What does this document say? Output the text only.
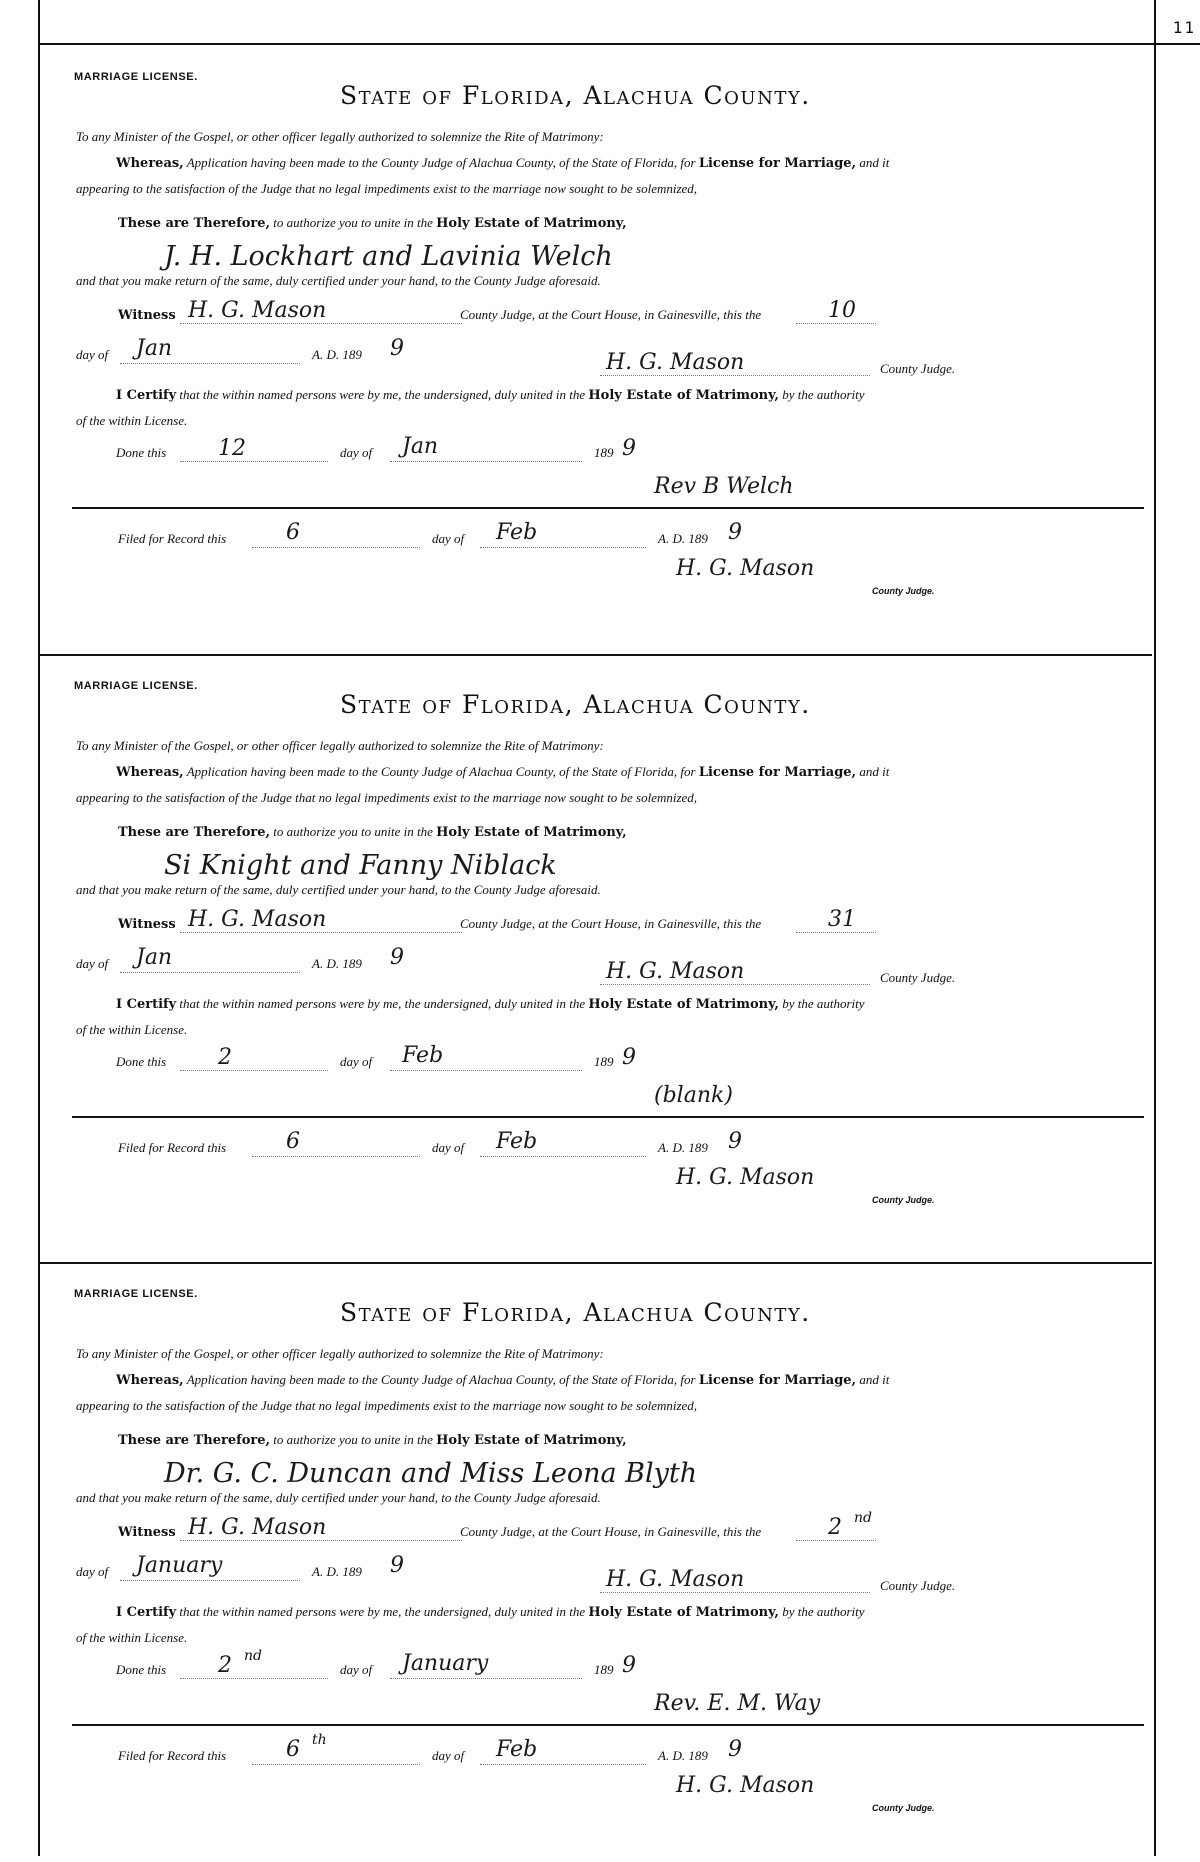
11
MARRIAGE LICENSE.
State of Florida, Alachua County.
To any Minister of the Gospel, or other officer legally authorized to solemnize the Rite of Matrimony:
Whereas, Application having been made to the County Judge of Alachua County, of the State of Florida, for License for Marriage, and it
appearing to the satisfaction of the Judge that no legal impediments exist to the marriage now sought to be solemnized,
These are Therefore, to authorize you to unite in the Holy Estate of Matrimony,
J. H. Lockhart and Lavinia Welch
and that you make return of the same, duly certified under your hand, to the County Judge aforesaid.
Witness H. G. Mason	County Judge, at the Court House, in Gainesville, this the	10
day of Jan	A. D. 189 9
H. G. Mason	County Judge.
I Certify that the within named persons were by me, the undersigned, duly united in the Holy Estate of Matrimony, by the authority
of the within License.
Done this 12	day of Jan	189 9
Rev B Welch
Filed for Record this	6	day of Feb	A. D. 189 9
H. G. Mason
County Judge.
MARRIAGE LICENSE.
State of Florida, Alachua County.
To any Minister of the Gospel, or other officer legally authorized to solemnize the Rite of Matrimony:
Whereas, Application having been made to the County Judge of Alachua County, of the State of Florida, for License for Marriage, and it
appearing to the satisfaction of the Judge that no legal impediments exist to the marriage now sought to be solemnized,
These are Therefore, to authorize you to unite in the Holy Estate of Matrimony,
Si Knight and Fanny Niblack
and that you make return of the same, duly certified under your hand, to the County Judge aforesaid.
Witness H. G. Mason	County Judge, at the Court House, in Gainesville, this the	31
day of Jan	A. D. 189 9
H. G. Mason	County Judge.
I Certify that the within named persons were by me, the undersigned, duly united in the Holy Estate of Matrimony, by the authority
of the within License.
Done this 2	day of Feb	189 9
(blank)
Filed for Record this	6	day of Feb	A. D. 189 9
H. G. Mason
County Judge.
MARRIAGE LICENSE.
State of Florida, Alachua County.
To any Minister of the Gospel, or other officer legally authorized to solemnize the Rite of Matrimony:
Whereas, Application having been made to the County Judge of Alachua County, of the State of Florida, for License for Marriage, and it
appearing to the satisfaction of the Judge that no legal impediments exist to the marriage now sought to be solemnized,
These are Therefore, to authorize you to unite in the Holy Estate of Matrimony,
Dr. G. C. Duncan and Miss Leona Blyth
and that you make return of the same, duly certified under your hand, to the County Judge aforesaid.
Witness H. G. Mason	County Judge, at the Court House, in Gainesville, this the	2 nd
day of January	A. D. 189 9
H. G. Mason	County Judge.
I Certify that the within named persons were by me, the undersigned, duly united in the Holy Estate of Matrimony, by the authority
of the within License.
Done this 2 nd
day of January	189 9
Rev. E. M. Way
Filed for Record this	6 th
day of Feb	A. D. 189 9
H. G. Mason
County Judge.
